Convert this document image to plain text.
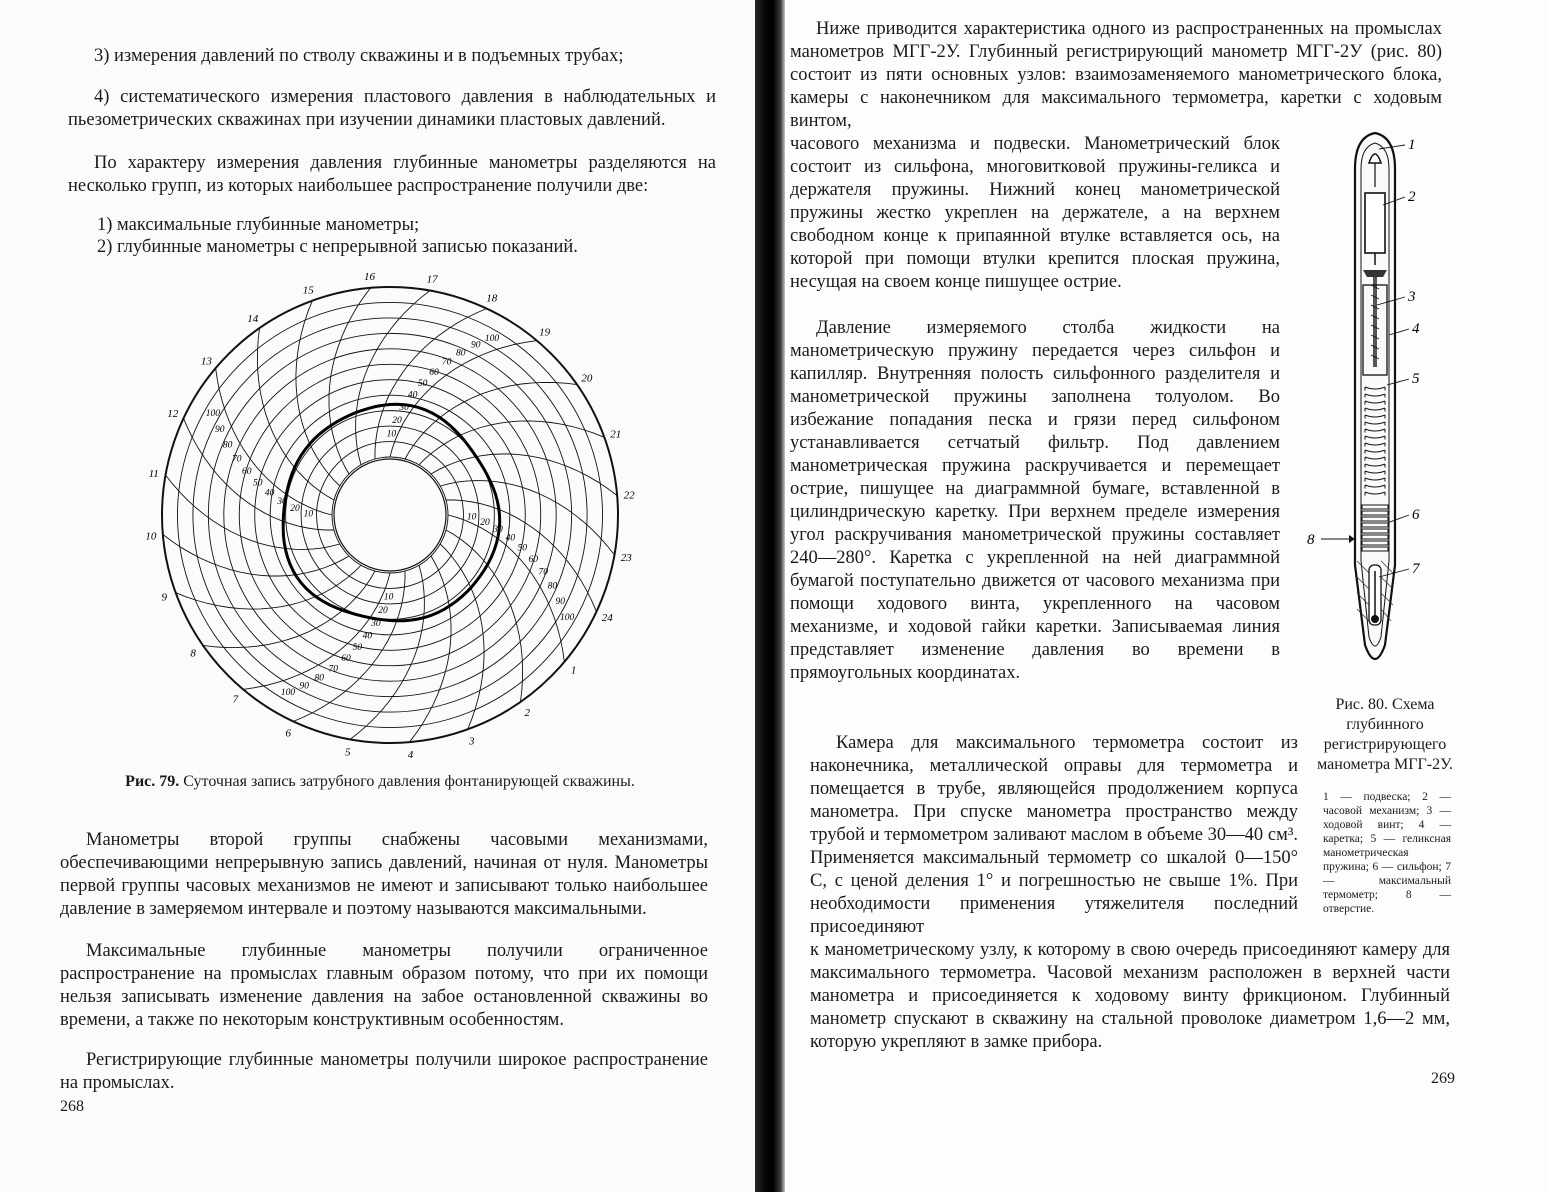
3) измерения давлений по стволу скважины и в подъемных трубах;

4) систематического измерения пластового давления в наблюдательных и пьезометрических скважинах при изучении динамики пластовых давлений.

По характеру измерения давления глубинные манометры разделяются на несколько групп, из которых наибольшее распространение получили две:

1) максимальные глубинные манометры;

2) глубинные манометры с непрерывной записью показаний.

19
20
21
22
23
24
1
2
3
4
5
6
7
8
9
10
11
12
13
14
15
16	17
18
10
20
30
40
50
60
70
80
90
100
10
20
30
40
50
60
70
80
90
100
10
20
30
40
50
60
70
80
90
100
10
20
30
40
50
60
70
80
90
100

Рис. 79. Суточная запись затрубного давления фонтанирующей скважины.

Манометры второй группы снабжены часовыми механизмами, обеспечивающими непрерывную запись давлений, начиная от нуля. Манометры первой группы часовых механизмов не имеют и записывают только наибольшее давление в замеряемом интервале и поэтому называются максимальными.

Максимальные глубинные манометры получили ограниченное распространение на промыслах главным образом потому, что при их помощи нельзя записывать изменение давления на забое остановленной скважины во времени, а также по некоторым конструктивным особенностям.

Регистрирующие глубинные манометры получили широкое распространение на промыслах.

268

Ниже приводится характеристика одного из распространенных на промыслах манометров МГГ-2У. Глубинный регистрирующий манометр МГГ-2У (рис. 80) состоит из пяти основных узлов: взаимозаменяемого манометрического блока, камеры с наконечником для максимального термометра, каретки с ходовым винтом,

часового механизма и подвески. Манометрический блок состоит из сильфона, многовитковой пружины-геликса и держателя пружины. Нижний конец манометрической пружины жестко укреплен на держателе, а на верхнем свободном конце к припаянной втулке вставляется ось, на которой при помощи втулки крепится плоская пружина, несущая на своем конце пишущее острие.

Давление измеряемого столба жидкости на манометрическую пружину передается через сильфон и капилляр. Внутренняя полость сильфонного разделителя и манометрической пружины заполнена толуолом. Во избежание попадания песка и грязи перед сильфоном устанавливается сетчатый фильтр. Под давлением манометрическая пружина раскручивается и перемещает острие, пишущее на диаграммной бумаге, вставленной в цилиндрическую каретку. При верхнем пределе измерения угол раскручивания манометрической пружины составляет 240—280°. Каретка с укрепленной на ней диаграммной бумагой поступательно движется от часового механизма при помощи ходового винта, укрепленного на часовом механизме, и ходовой гайки каретки. Записываемая линия представляет изменение давления во времени в прямоугольных координатах.

Камера для максимального термометра состоит из наконечника, металлической оправы для термометра и помещается в трубе, являющейся продолжением корпуса манометра. При спуске манометра пространство между трубой и термометром заливают маслом в объеме 30—40 см³. Применяется максимальный термометр со шкалой 0—150° С, с ценой деления 1° и погрешностью не свыше 1%. При необходимости применения утяжелителя последний присоединяют

к манометрическому узлу, к которому в свою очередь присоединяют камеру для максимального термометра. Часовой механизм расположен в верхней части манометра и присоединяется к ходовому винту фрикционом. Глубинный манометр спускают в скважину на стальной проволоке диаметром 1,6—2 мм, которую укрепляют в замке прибора.

1
2
3
4
5
6
7
8

Рис. 80. Схема глубинного регистрирующего манометра МГГ-2У.

1 — подвеска; 2 — часовой механизм; 3 — ходовой винт; 4 — каретка; 5 — геликсная манометрическая пружина; 6 — сильфон; 7 — максимальный термометр; 8 — отверстие.

269
